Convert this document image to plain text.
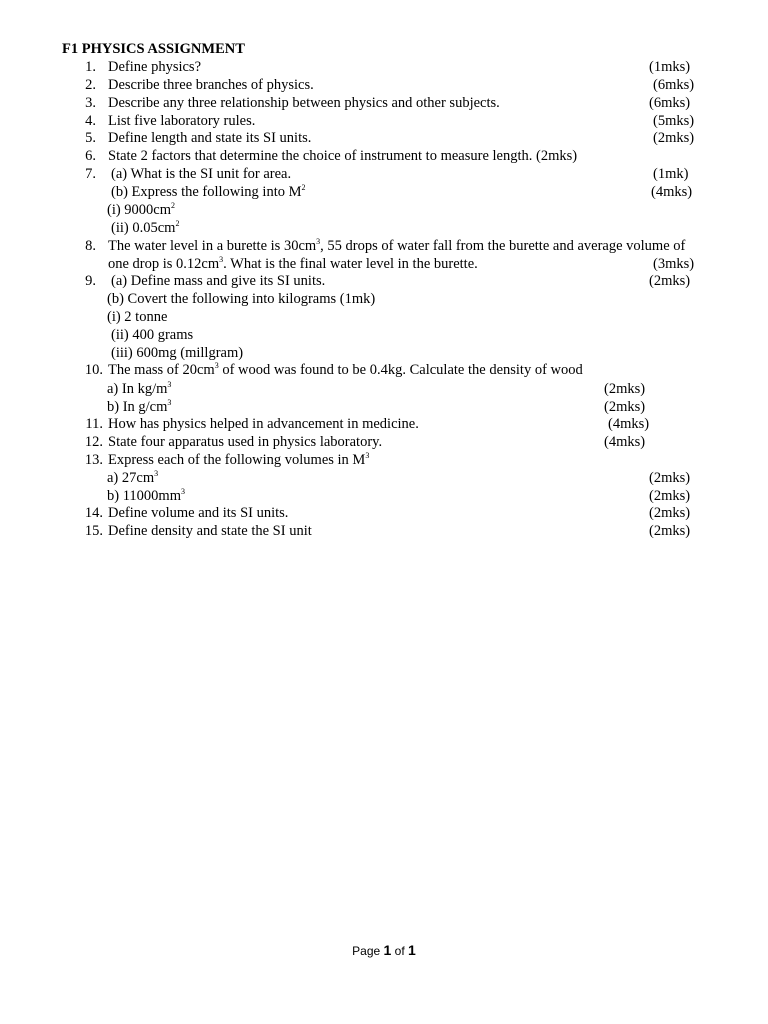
F1 PHYSICS ASSIGNMENT
1. Define physics?	(1mks)
2. Describe three branches of physics.	(6mks)
3. Describe any three relationship between physics and other subjects.	(6mks)
4. List five laboratory rules.	(5mks)
5. Define length and state its SI units.	(2mks)
6. State 2 factors that determine the choice of instrument to measure length. (2mks)
7. (a) What is the SI unit for area.	(1mk)
(b) Express the following into $M^2$	(4mks)
(i) $9000cm^2$
(ii) $0.05cm^2$
8. The water level in a burette is $30cm^3$, 55 drops of water fall from the burette and average volume of
one drop is $0.12cm^3$. What is the final water level in the burette.	(3mks)
9. (a) Define mass and give its SI units.	(2mks)
(b) Covert the following into kilograms (1mk)
(i) 2 tonne
(ii) 400 grams
(iii) 600mg (millgram)
10. The mass of $20cm^3$ of wood was found to be 0.4kg. Calculate the density of wood
a) In $kg/m^3$	(2mks)
b) In $g/cm^3$	(2mks)
11. How has physics helped in advancement in medicine.	(4mks)
12. State four apparatus used in physics laboratory.	(4mks)
13. Express each of the following volumes in $M^3$
a) $27cm^3$	(2mks)
b) $11000mm^3$	(2mks)
14. Define volume and its SI units.	(2mks)
15. Define density and state the SI unit	(2mks)
Page 1 of 1
